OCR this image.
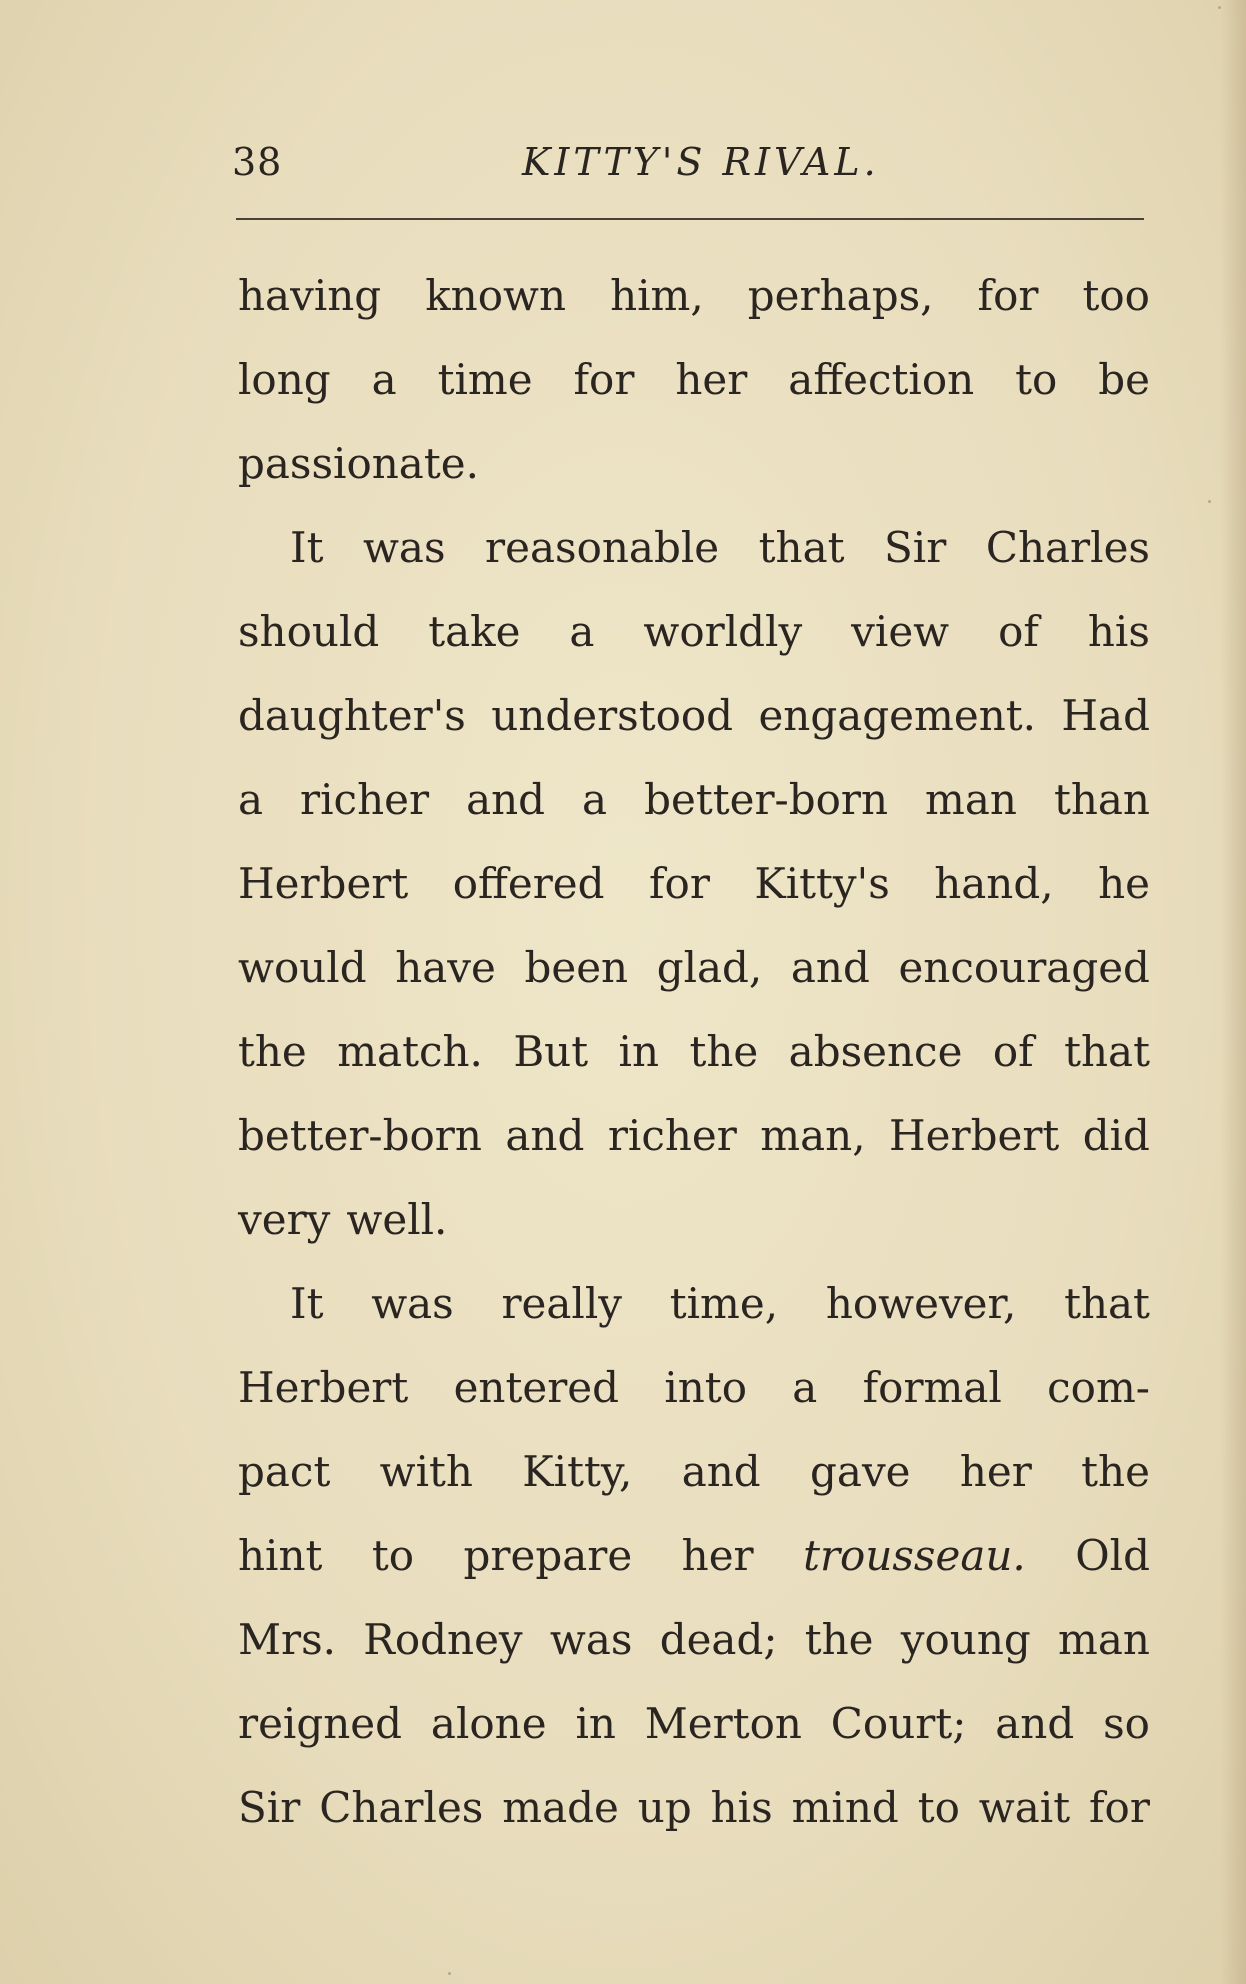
38	KITTY'S RIVAL.
having known him, perhaps, for too
long a time for her affection to be
passionate.
It was reasonable that Sir Charles
should take a worldly view of his
daughter's understood engagement. Had
a richer and a better-born man than
Herbert offered for Kitty's hand, he
would have been glad, and encouraged
the match. But in the absence of that
better-born and richer man, Herbert did
very well.
It was really time, however, that
Herbert entered into a formal com-
pact with Kitty, and gave her the
hint to prepare her trousseau. Old
Mrs. Rodney was dead; the young man
reigned alone in Merton Court; and so
Sir Charles made up his mind to wait for
